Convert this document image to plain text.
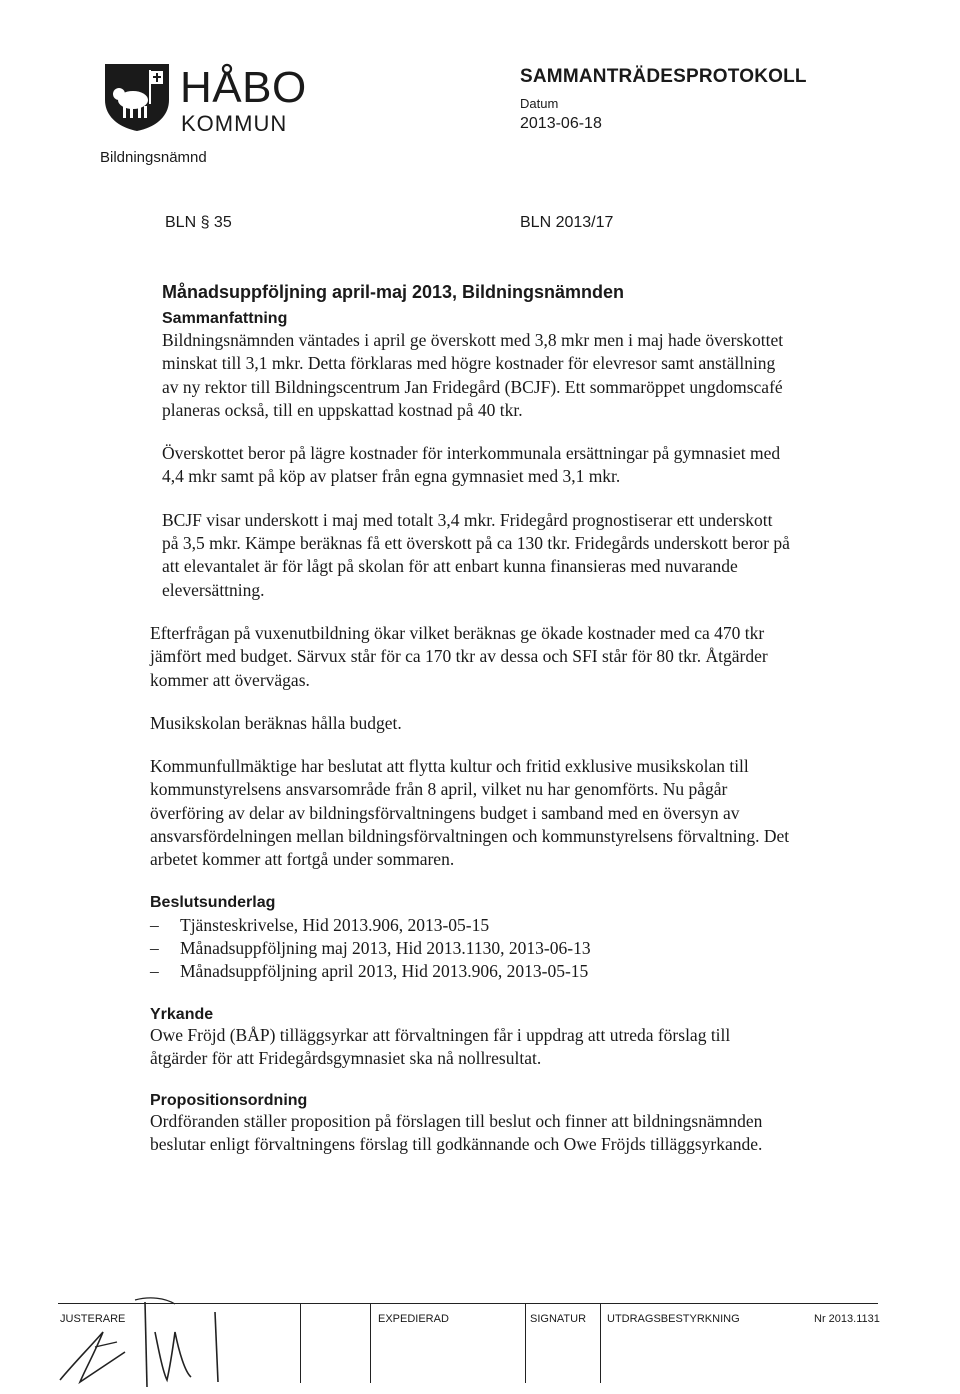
HÅBO
KOMMUN
Bildningsnämnd
SAMMANTRÄDESPROTOKOLL
Datum
2013-06-18
BLN § 35	BLN 2013/17
Månadsuppföljning april-maj 2013, Bildningsnämnden
Sammanfattning

Bildningsnämnden väntades i april ge överskott med 3,8 mkr men i maj hade överskottet minskat till 3,1 mkr. Detta förklaras med högre kostnader för elevresor samt anställning av ny rektor till Bildningscentrum Jan Fridegård (BCJF). Ett sommaröppet ungdomscafé planeras också, till en uppskattad kostnad på 40 tkr.

Överskottet beror på lägre kostnader för interkommunala ersättningar på gymnasiet med 4,4 mkr samt på köp av platser från egna gymnasiet med 3,1 mkr.

BCJF visar underskott i maj med totalt 3,4 mkr. Fridegård prognostiserar ett underskott på 3,5 mkr. Kämpe beräknas få ett överskott på ca 130 tkr. Fridegårds underskott beror på att elevantalet är för lågt på skolan för att enbart kunna finansieras med nuvarande eleversättning.

Efterfrågan på vuxenutbildning ökar vilket beräknas ge ökade kostnader med ca 470 tkr jämfört med budget. Särvux står för ca 170 tkr av dessa och SFI står för 80 tkr. Åtgärder kommer att övervägas.

Musikskolan beräknas hålla budget.

Kommunfullmäktige har beslutat att flytta kultur och fritid exklusive musikskolan till kommunstyrelsens ansvarsområde från 8 april, vilket nu har genomförts. Nu pågår överföring av delar av bildningsförvaltningens budget i samband med en översyn av ansvarsfördelningen mellan bildningsförvaltningen och kommunstyrelsens förvaltning. Det arbetet kommer att fortgå under sommaren.

Beslutsunderlag
– Tjänsteskrivelse, Hid 2013.906, 2013-05-15
– Månadsuppföljning maj 2013, Hid 2013.1130, 2013-06-13
– Månadsuppföljning april 2013, Hid 2013.906, 2013-05-15
Yrkande

Owe Fröjd (BÅP) tilläggsyrkar att förvaltningen får i uppdrag att utreda förslag till åtgärder för att Fridegårdsgymnasiet ska nå nollresultat.

Propositionsordning

Ordföranden ställer proposition på förslagen till beslut och finner att bildningsnämnden beslutar enligt förvaltningens förslag till godkännande och Owe Fröjds tilläggsyrkande.

JUSTERARE	EXPEDIERAD	SIGNATUR UTDRAGSBESTYRKNING	Nr 2013.1131
